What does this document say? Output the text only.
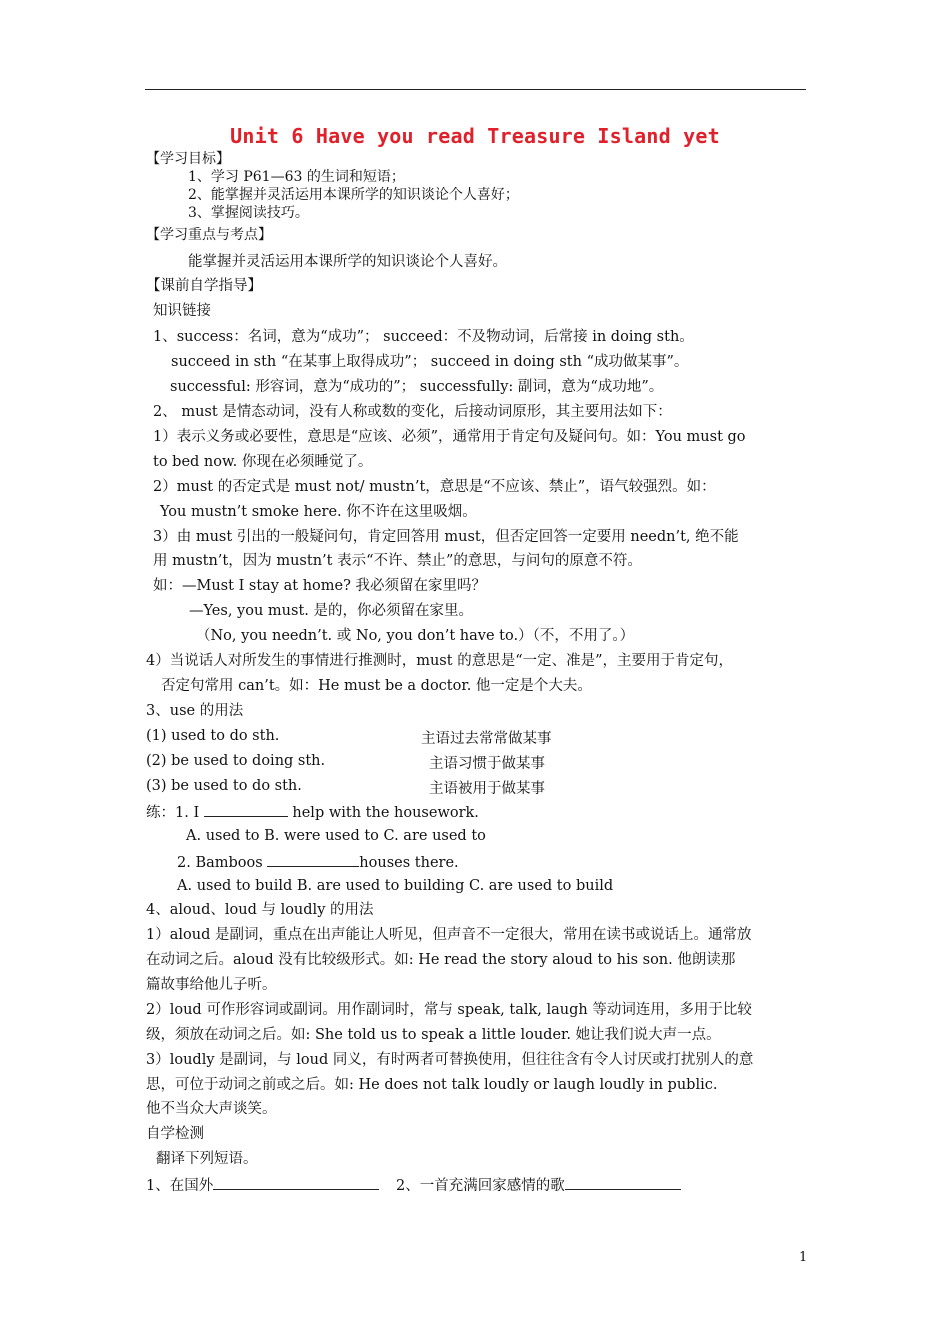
Unit 6 Have you read Treasure Island yet
【学习目标】
1、学习 P61—63 的生词和短语；
2、能掌握并灵活运用本课所学的知识谈论个人喜好；
3、掌握阅读技巧。
【学习重点与考点】
能掌握并灵活运用本课所学的知识谈论个人喜好。
【课前自学指导】
知识链接
1、success：名词，意为“成功”； succeed：不及物动词，后常接 in doing sth。
succeed in sth “在某事上取得成功”； succeed in doing sth “成功做某事”。
successful: 形容词，意为“成功的”； successfully: 副词，意为“成功地”。
2、 must 是情态动词，没有人称或数的变化，后接动词原形，其主要用法如下：
1）表示义务或必要性，意思是“应该、必须”，通常用于肯定句及疑问句。如：You must go
to bed now. 你现在必须睡觉了。
2）must 的否定式是 must not/ mustn’t，意思是“不应该、禁止”，语气较强烈。如：
You mustn’t smoke here. 你不许在这里吸烟。
3）由 must 引出的一般疑问句，肯定回答用 must，但否定回答一定要用 needn’t, 绝不能
用 mustn’t，因为 mustn’t 表示“不许、禁止”的意思，与问句的原意不符。
如：—Must I stay at home? 我必须留在家里吗？
—Yes, you must. 是的，你必须留在家里。
（No, you needn’t. 或 No, you don’t have to.）（不，不用了。）
4）当说话人对所发生的事情进行推测时，must 的意思是“一定、准是”，主要用于肯定句，
否定句常用 can’t。如：He must be a doctor. 他一定是个大夫。
3、use 的用法
(1) used to do sth.	主语过去常常做某事
(2) be used to doing sth.	主语习惯于做某事
(3) be used to do sth.	主语被用于做某事
练：1. I	help with the housework.
A. used to B. were used to C. are used to
2. Bamboos	houses there.
A. used to build B. are used to building C. are used to build
4、aloud、loud 与 loudly 的用法
1）aloud 是副词，重点在出声能让人听见，但声音不一定很大，常用在读书或说话上。通常放
在动词之后。aloud 没有比较级形式。如: He read the story aloud to his son. 他朗读那
篇故事给他儿子听。
2）loud 可作形容词或副词。用作副词时，常与 speak, talk, laugh 等动词连用，多用于比较
级，须放在动词之后。如: She told us to speak a little louder. 她让我们说大声一点。
3）loudly 是副词，与 loud 同义，有时两者可替换使用，但往往含有令人讨厌或打扰别人的意
思，可位于动词之前或之后。如: He does not talk loudly or laugh loudly in public.
他不当众大声谈笑。
自学检测
翻译下列短语。
1、在国外	2、一首充满回家感情的歌
1
